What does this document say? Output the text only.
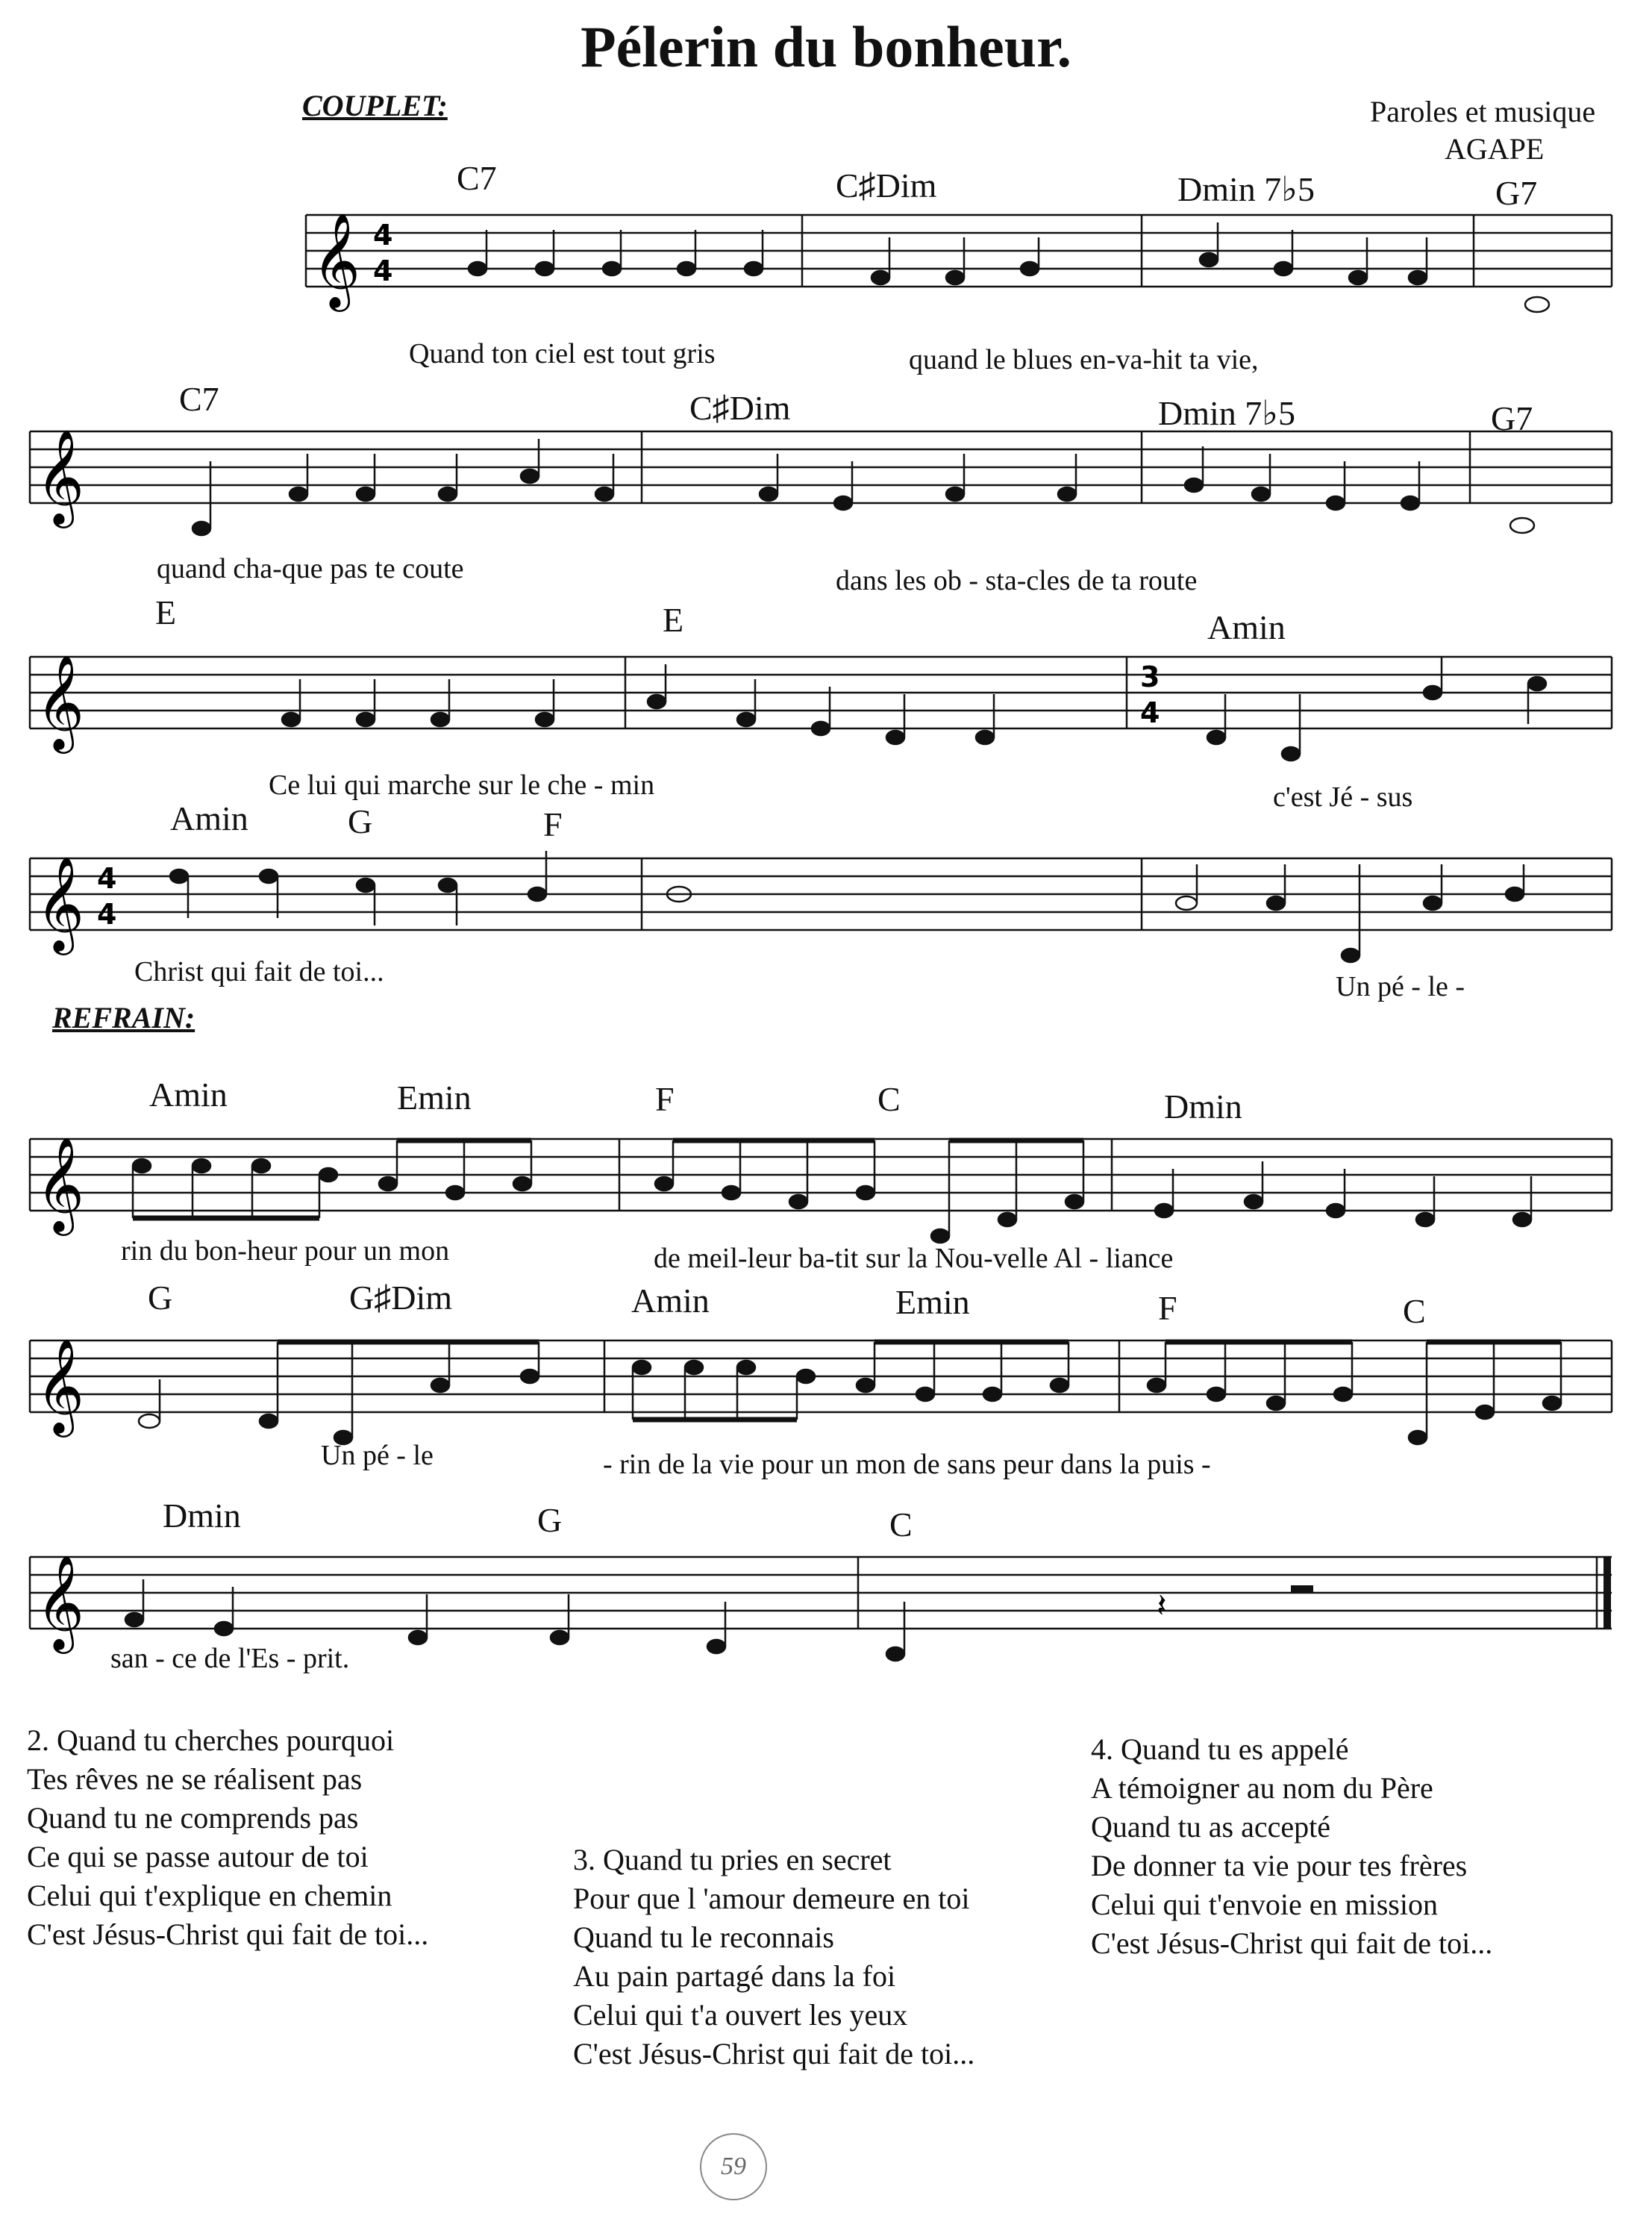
Pélerin du bonheur.
COUPLET:	Paroles et musique
AGAPE
REFRAIN:
C7	C♯Dim	Dmin 7♭5	G7
𝄞 4
4
Quand ton ciel est tout gris	quand le blues en-va-hit ta vie,
C7	C♯Dim	Dmin 7♭5	G7
𝄞
quand cha-que pas te coute	dans les ob - sta-cles de ta route
E	E	Amin
𝄞	3
4
Ce lui qui marche sur le che - min	c'est Jé - sus
Amin	G	F
𝄞 4
4
Christ qui fait de toi...	Un pé - le -
Amin	Emin	F	C	Dmin
𝄞
rin du bon-heur pour un mon	de meil-leur ba-tit sur la Nou-velle Al - liance
G	G♯Dim	Amin	Emin	F	C
𝄞
Un pé - le	- rin de la vie pour un mon de sans peur dans la puis -
Dmin	G	C
𝄞	𝄽
san - ce de l'Es - prit.
2. Quand tu cherches pourquoi
Tes rêves ne se réalisent pas
Quand tu ne comprends pas
Ce qui se passe autour de toi
Celui qui t'explique en chemin
C'est Jésus-Christ qui fait de toi...
3. Quand tu pries en secret
Pour que l 'amour demeure en toi
Quand tu le reconnais
Au pain partagé dans la foi
Celui qui t'a ouvert les yeux
C'est Jésus-Christ qui fait de toi...
4. Quand tu es appelé
A témoigner au nom du Père
Quand tu as accepté
De donner ta vie pour tes frères
Celui qui t'envoie en mission
C'est Jésus-Christ qui fait de toi...
59
